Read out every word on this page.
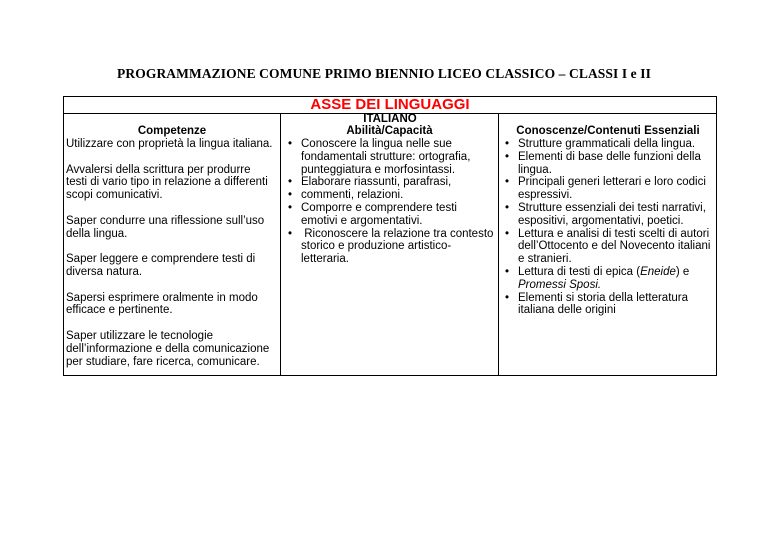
PROGRAMMAZIONE COMUNE PRIMO BIENNIO LICEO CLASSICO – CLASSI I e II
ASSE DEI LINGUAGGI
ITALIANO
Competenze	Abilità/Capacità	Conoscenze/Contenuti Essenziali

Utilizzare con proprietà la lingua italiana.

Avvalersi della scrittura per produrre testi di vario tipo in relazione a differenti scopi comunicativi.

Saper condurre una riflessione sull’uso della lingua.

Saper leggere e comprendere testi di diversa natura.

Sapersi esprimere oralmente in modo efficace e pertinente.

Saper utilizzare le tecnologie dell’informazione e della comunicazione per studiare, fare ricerca, comunicare.

• Conoscere la lingua nelle sue fondamentali strutture: ortografia, punteggiatura e morfosintassi.
• Elaborare riassunti, parafrasi,
• commenti, relazioni.
• Comporre e comprendere testi emotivi e argomentativi.
• Riconoscere la relazione tra contesto storico e produzione artistico-letteraria.
• Strutture grammaticali della lingua.
• Elementi di base delle funzioni della lingua.
• Principali generi letterari e loro codici espressivi.
• Strutture essenziali dei testi narrativi, espositivi, argomentativi, poetici.
• Lettura e analisi di testi scelti di autori dell’Ottocento e del Novecento italiani e stranieri.
• Lettura di testi di epica (Eneide) e Promessi Sposi.
• Elementi si storia della letteratura italiana delle origini
